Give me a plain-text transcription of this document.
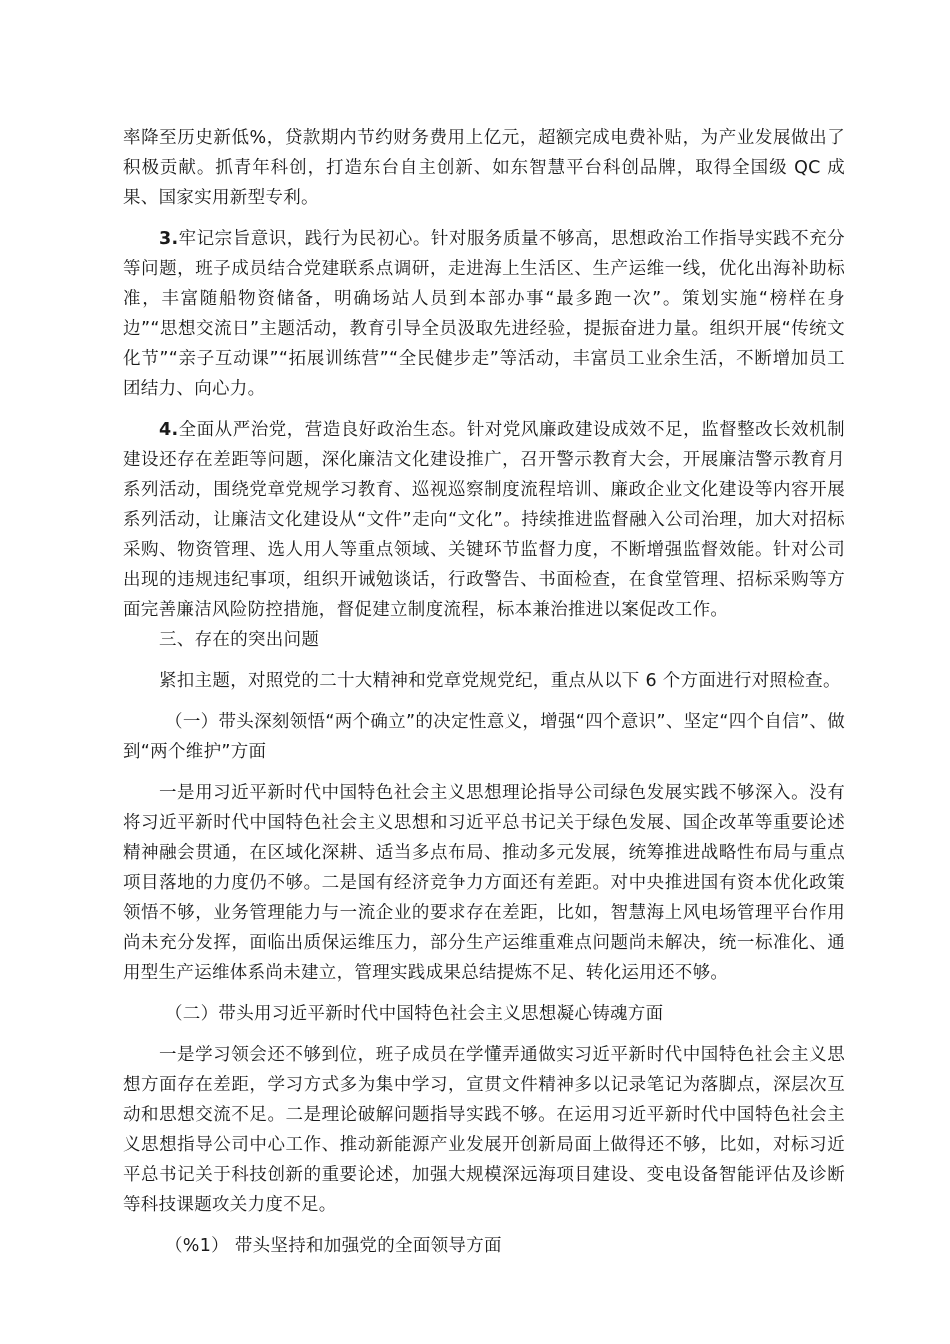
率降至历史新低%，贷款期内节约财务费用上亿元，超额完成电费补贴，为产业发展做出了积极贡献。抓青年科创，打造东台自主创新、如东智慧平台科创品牌，取得全国级 QC 成果、国家实用新型专利。

3.牢记宗旨意识，践行为民初心。针对服务质量不够高，思想政治工作指导实践不充分等问题，班子成员结合党建联系点调研，走进海上生活区、生产运维一线，优化出海补助标准，丰富随船物资储备，明确场站人员到本部办事“最多跑一次”。策划实施“榜样在身边”“思想交流日”主题活动，教育引导全员汲取先进经验，提振奋进力量。组织开展“传统文化节”“亲子互动课”“拓展训练营”“全民健步走”等活动，丰富员工业余生活，不断增加员工团结力、向心力。

4.全面从严治党，营造良好政治生态。针对党风廉政建设成效不足，监督整改长效机制建设还存在差距等问题，深化廉洁文化建设推广，召开警示教育大会，开展廉洁警示教育月系列活动，围绕党章党规学习教育、巡视巡察制度流程培训、廉政企业文化建设等内容开展系列活动，让廉洁文化建设从“文件”走向“文化”。持续推进监督融入公司治理，加大对招标采购、物资管理、选人用人等重点领域、关键环节监督力度，不断增强监督效能。针对公司出现的违规违纪事项，组织开诫勉谈话，行政警告、书面检查，在食堂管理、招标采购等方面完善廉洁风险防控措施，督促建立制度流程，标本兼治推进以案促改工作。

三、存在的突出问题

紧扣主题，对照党的二十大精神和党章党规党纪，重点从以下 6 个方面进行对照检查。

（一）带头深刻领悟“两个确立”的决定性意义，增强“四个意识”、坚定“四个自信”、做到“两个维护”方面

一是用习近平新时代中国特色社会主义思想理论指导公司绿色发展实践不够深入。没有将习近平新时代中国特色社会主义思想和习近平总书记关于绿色发展、国企改革等重要论述精神融会贯通，在区域化深耕、适当多点布局、推动多元发展，统筹推进战略性布局与重点项目落地的力度仍不够。二是国有经济竞争力方面还有差距。对中央推进国有资本优化政策领悟不够，业务管理能力与一流企业的要求存在差距，比如，智慧海上风电场管理平台作用尚未充分发挥，面临出质保运维压力，部分生产运维重难点问题尚未解决，统一标准化、通用型生产运维体系尚未建立，管理实践成果总结提炼不足、转化运用还不够。

（二）带头用习近平新时代中国特色社会主义思想凝心铸魂方面

一是学习领会还不够到位，班子成员在学懂弄通做实习近平新时代中国特色社会主义思想方面存在差距，学习方式多为集中学习，宣贯文件精神多以记录笔记为落脚点，深层次互动和思想交流不足。二是理论破解问题指导实践不够。在运用习近平新时代中国特色社会主义思想指导公司中心工作、推动新能源产业发展开创新局面上做得还不够，比如，对标习近平总书记关于科技创新的重要论述，加强大规模深远海项目建设、变电设备智能评估及诊断等科技课题攻关力度不足。

（%1） 带头坚持和加强党的全面领导方面
